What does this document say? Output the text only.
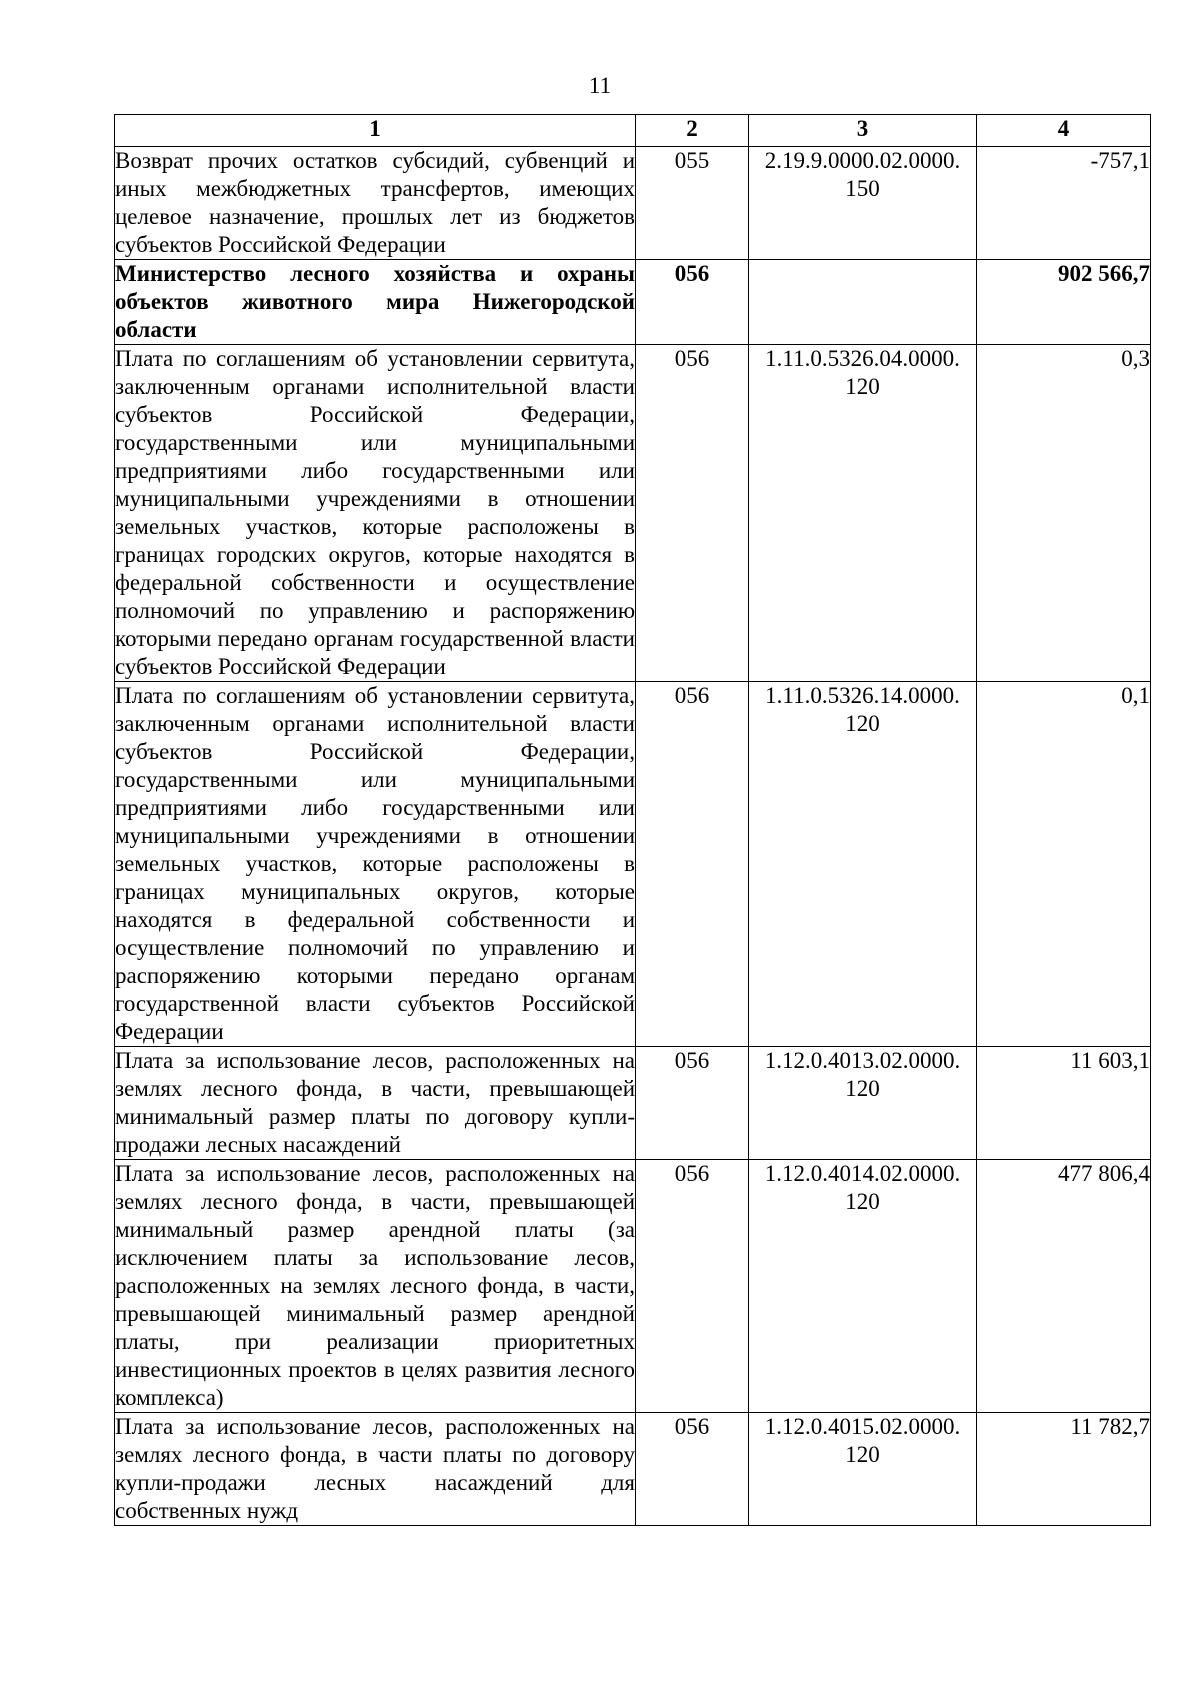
11
1	2	3	4
Возврат прочих остатков субсидий, субвенций и иных межбюджетных трансфертов, имеющих целевое назначение, прошлых лет из бюджетов субъектов Российской Федерации	055	2.19.9.0000.02.0000. 150	-757,1
Министерство лесного хозяйства и охраны объектов животного мира Нижегородской области	056		902 566,7
Плата по соглашениям об установлении сервитута, заключенным органами исполнительной власти субъектов Российской Федерации, государственными или муниципальными предприятиями либо государственными или муниципальными учреждениями в отношении земельных участков, которые расположены в границах городских округов, которые находятся в федеральной собственности и осуществление полномочий по управлению и распоряжению которыми передано органам государственной власти субъектов Российской Федерации	056	1.11.0.5326.04.0000. 120	0,3
Плата по соглашениям об установлении сервитута, заключенным органами исполнительной власти субъектов Российской Федерации, государственными или муниципальными предприятиями либо государственными или муниципальными учреждениями в отношении земельных участков, которые расположены в границах муниципальных округов, которые находятся в федеральной собственности и осуществление полномочий по управлению и распоряжению которыми передано органам государственной власти субъектов Российской Федерации	056	1.11.0.5326.14.0000. 120	0,1
Плата за использование лесов, расположенных на землях лесного фонда, в части, превышающей минимальный размер платы по договору купли-продажи лесных насаждений	056	1.12.0.4013.02.0000. 120	11 603,1
Плата за использование лесов, расположенных на землях лесного фонда, в части, превышающей минимальный размер арендной платы (за исключением платы за использование лесов, расположенных на землях лесного фонда, в части, превышающей минимальный размер арендной платы, при реализации приоритетных инвестиционных проектов в целях развития лесного комплекса)	056	1.12.0.4014.02.0000. 120	477 806,4
Плата за использование лесов, расположенных на землях лесного фонда, в части платы по договору купли-продажи лесных насаждений для собственных нужд	056	1.12.0.4015.02.0000. 120	11 782,7
